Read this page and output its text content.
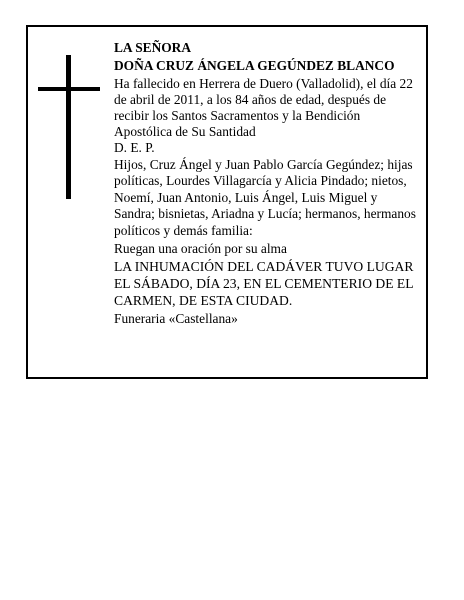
LA SEÑORA

DOÑA CRUZ ÁNGELA GEGÚNDEZ BLANCO

Ha fallecido en Herrera de Duero (Valladolid), el día 22 de abril de 2011, a los 84 años de edad, después de recibir los Santos Sacramentos y la Bendición Apostólica de Su Santidad

D. E. P.

Hijos, Cruz Ángel y Juan Pablo García Gegúndez; hijas políticas, Lourdes Villagarcía y Alicia Pindado; nietos, Noemí, Juan Antonio, Luis Ángel, Luis Miguel y Sandra; bisnietas, Ariadna y Lucía; hermanos, hermanos políticos y demás familia:

Ruegan una oración por su alma

LA INHUMACIÓN DEL CADÁVER TUVO LUGAR EL SÁBADO, DÍA 23, EN EL CEMENTERIO DE EL CARMEN, DE ESTA CIUDAD.

Funeraria «Castellana»
